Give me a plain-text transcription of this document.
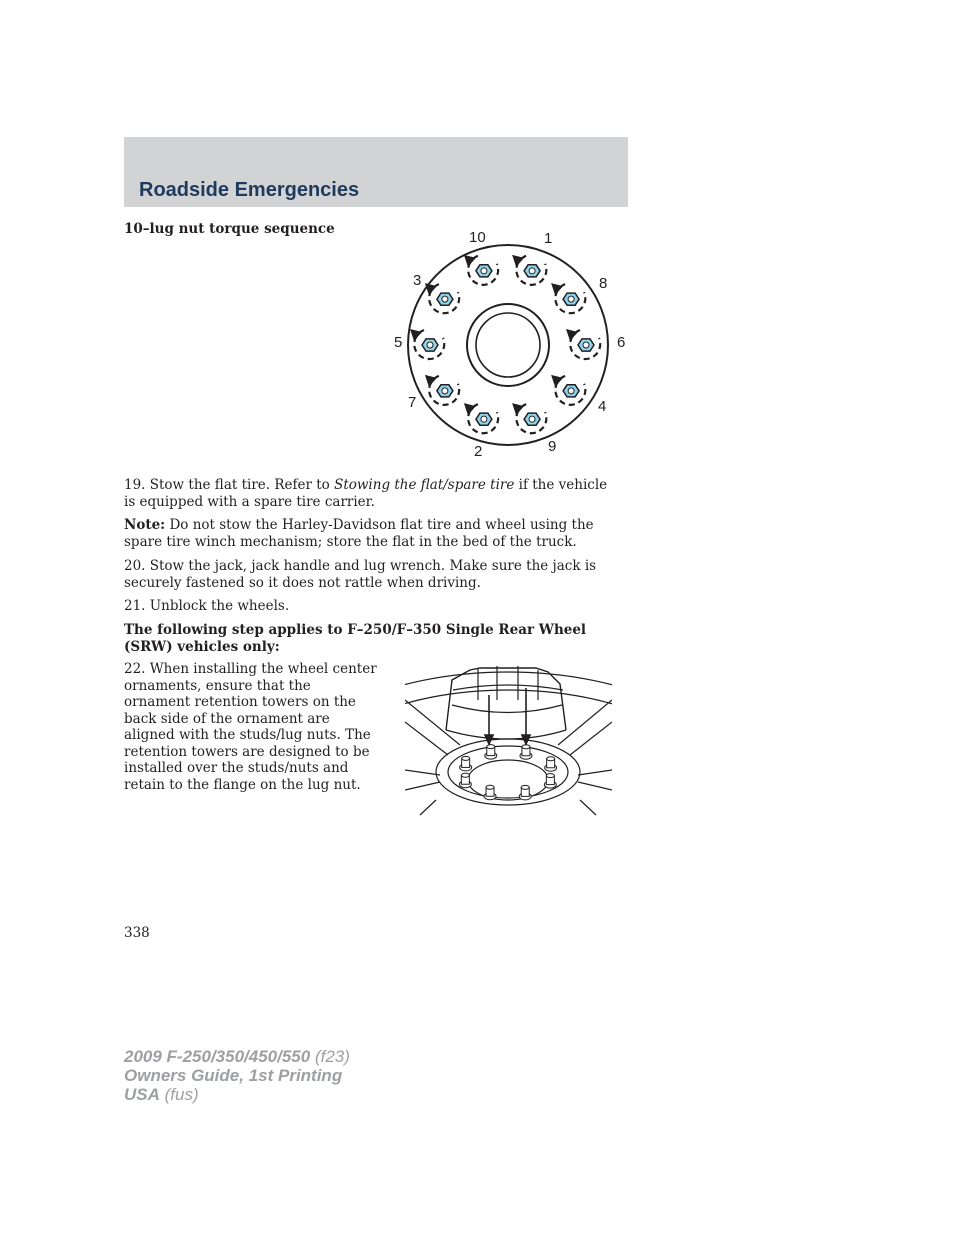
Roadside Emergencies
10–lug nut torque sequence	10	1
3	8
5	6
7	4
2	9

19. Stow the flat tire. Refer to Stowing the flat/spare tire if the vehicle is equipped with a spare tire carrier.

Note: Do not stow the Harley-Davidson flat tire and wheel using the spare tire winch mechanism; store the flat in the bed of the truck.

20. Stow the jack, jack handle and lug wrench. Make sure the jack is securely fastened so it does not rattle when driving.

21. Unblock the wheels.

The following step applies to F–250/F–350 Single Rear Wheel (SRW) vehicles only:

22. When installing the wheel center ornaments, ensure that the ornament retention towers on the back side of the ornament are aligned with the studs/lug nuts. The retention towers are designed to be installed over the studs/nuts and retain to the flange on the lug nut.

338
2009 F-250/350/450/550 (f23)
Owners Guide, 1st Printing
USA (fus)
